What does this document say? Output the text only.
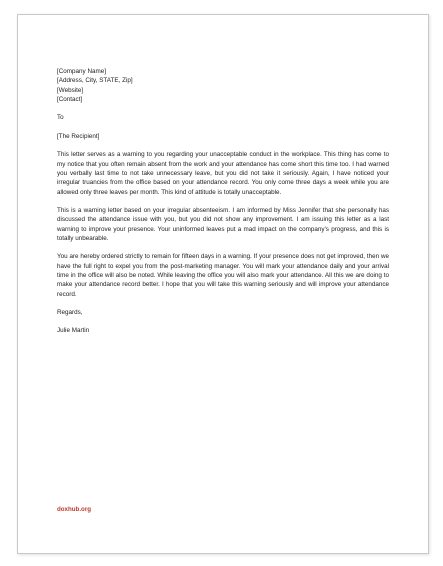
[Company Name]
[Address, City, STATE, Zip]
[Website]
[Contact]
To
[The Recipient]

This letter serves as a warning to you regarding your unacceptable conduct in the workplace. This thing has come to my notice that you often remain absent from the work and your attendance has come short this time too. I had warned you verbally last time to not take unnecessary leave, but you did not take it seriously. Again, I have noticed your irregular truancies from the office based on your attendance record. You only come three days a week while you are allowed only three leaves per month. This kind of attitude is totally unacceptable.

This is a warning letter based on your irregular absenteeism. I am informed by Miss Jennifer that she personally has discussed the attendance issue with you, but you did not show any improvement. I am issuing this letter as a last warning to improve your presence. Your uninformed leaves put a mad impact on the company’s progress, and this is totally unbearable.

You are hereby ordered strictly to remain for fifteen days in a warning. If your presence does not get improved, then we have the full right to expel you from the post-marketing manager. You will mark your attendance daily and your arrival time in the office will also be noted. While leaving the office you will also mark your attendance. All this we are doing to make your attendance record better. I hope that you will take this warning seriously and will improve your attendance record.

Regards,
Julie Martin
doxhub.org
